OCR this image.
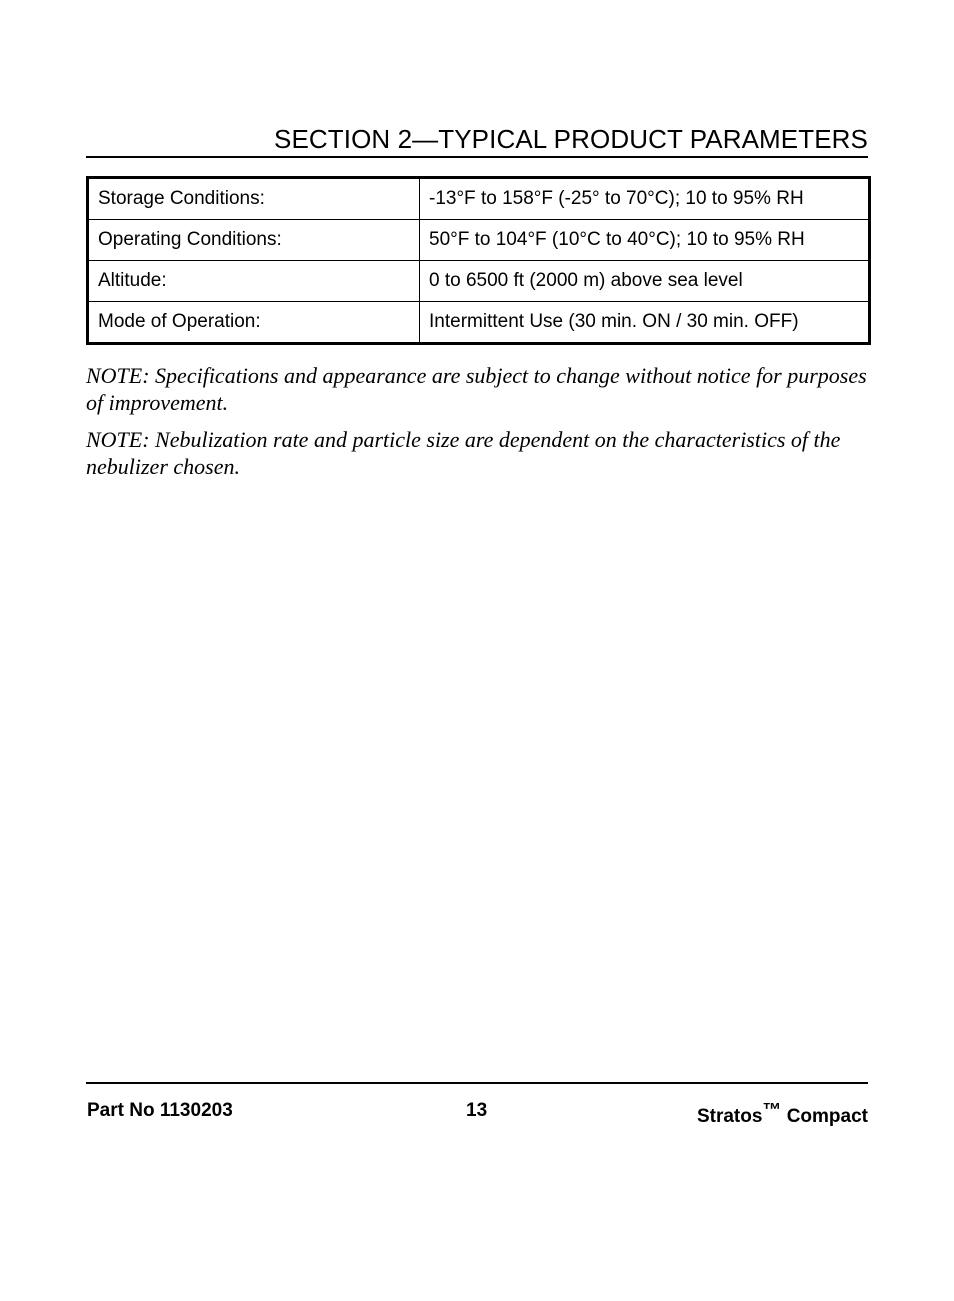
SECTION 2—TYPICAL PRODUCT PARAMETERS
Storage Conditions:	-13°F to 158°F (-25° to 70°C); 10 to 95% RH
Operating Conditions:	50°F to 104°F (10°C to 40°C); 10 to 95% RH
Altitude:	0 to 6500 ft (2000 m) above sea level
Mode of Operation:	Intermittent Use (30 min. ON / 30 min. OFF)

NOTE: Specifications and appearance are subject to change without notice for purposes of improvement.

NOTE: Nebulization rate and particle size are dependent on the characteristics of the nebulizer chosen.

Part No 1130203	13	Stratos™ Compact
